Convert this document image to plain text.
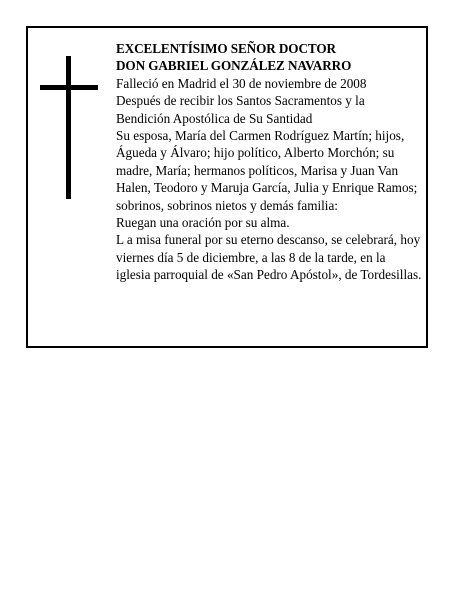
EXCELENTÍSIMO SEÑOR DOCTOR

DON GABRIEL GONZÁLEZ NAVARRO

Falleció en Madrid el 30 de noviembre de 2008

Después de recibir los Santos Sacramentos y la Bendición Apostólica de Su Santidad

Su esposa, María del Carmen Rodríguez Martín; hijos, Águeda y Álvaro; hijo político, Alberto Morchón; su madre, María; hermanos políticos, Marisa y Juan Van Halen, Teodoro y Maruja García, Julia y Enrique Ramos; sobrinos, sobrinos nietos y demás familia:

Ruegan una oración por su alma.

L a misa funeral por su eterno descanso, se celebrará, hoy viernes día 5 de diciembre, a las 8 de la tarde, en la iglesia parroquial de «San Pedro Apóstol», de Tordesillas.
